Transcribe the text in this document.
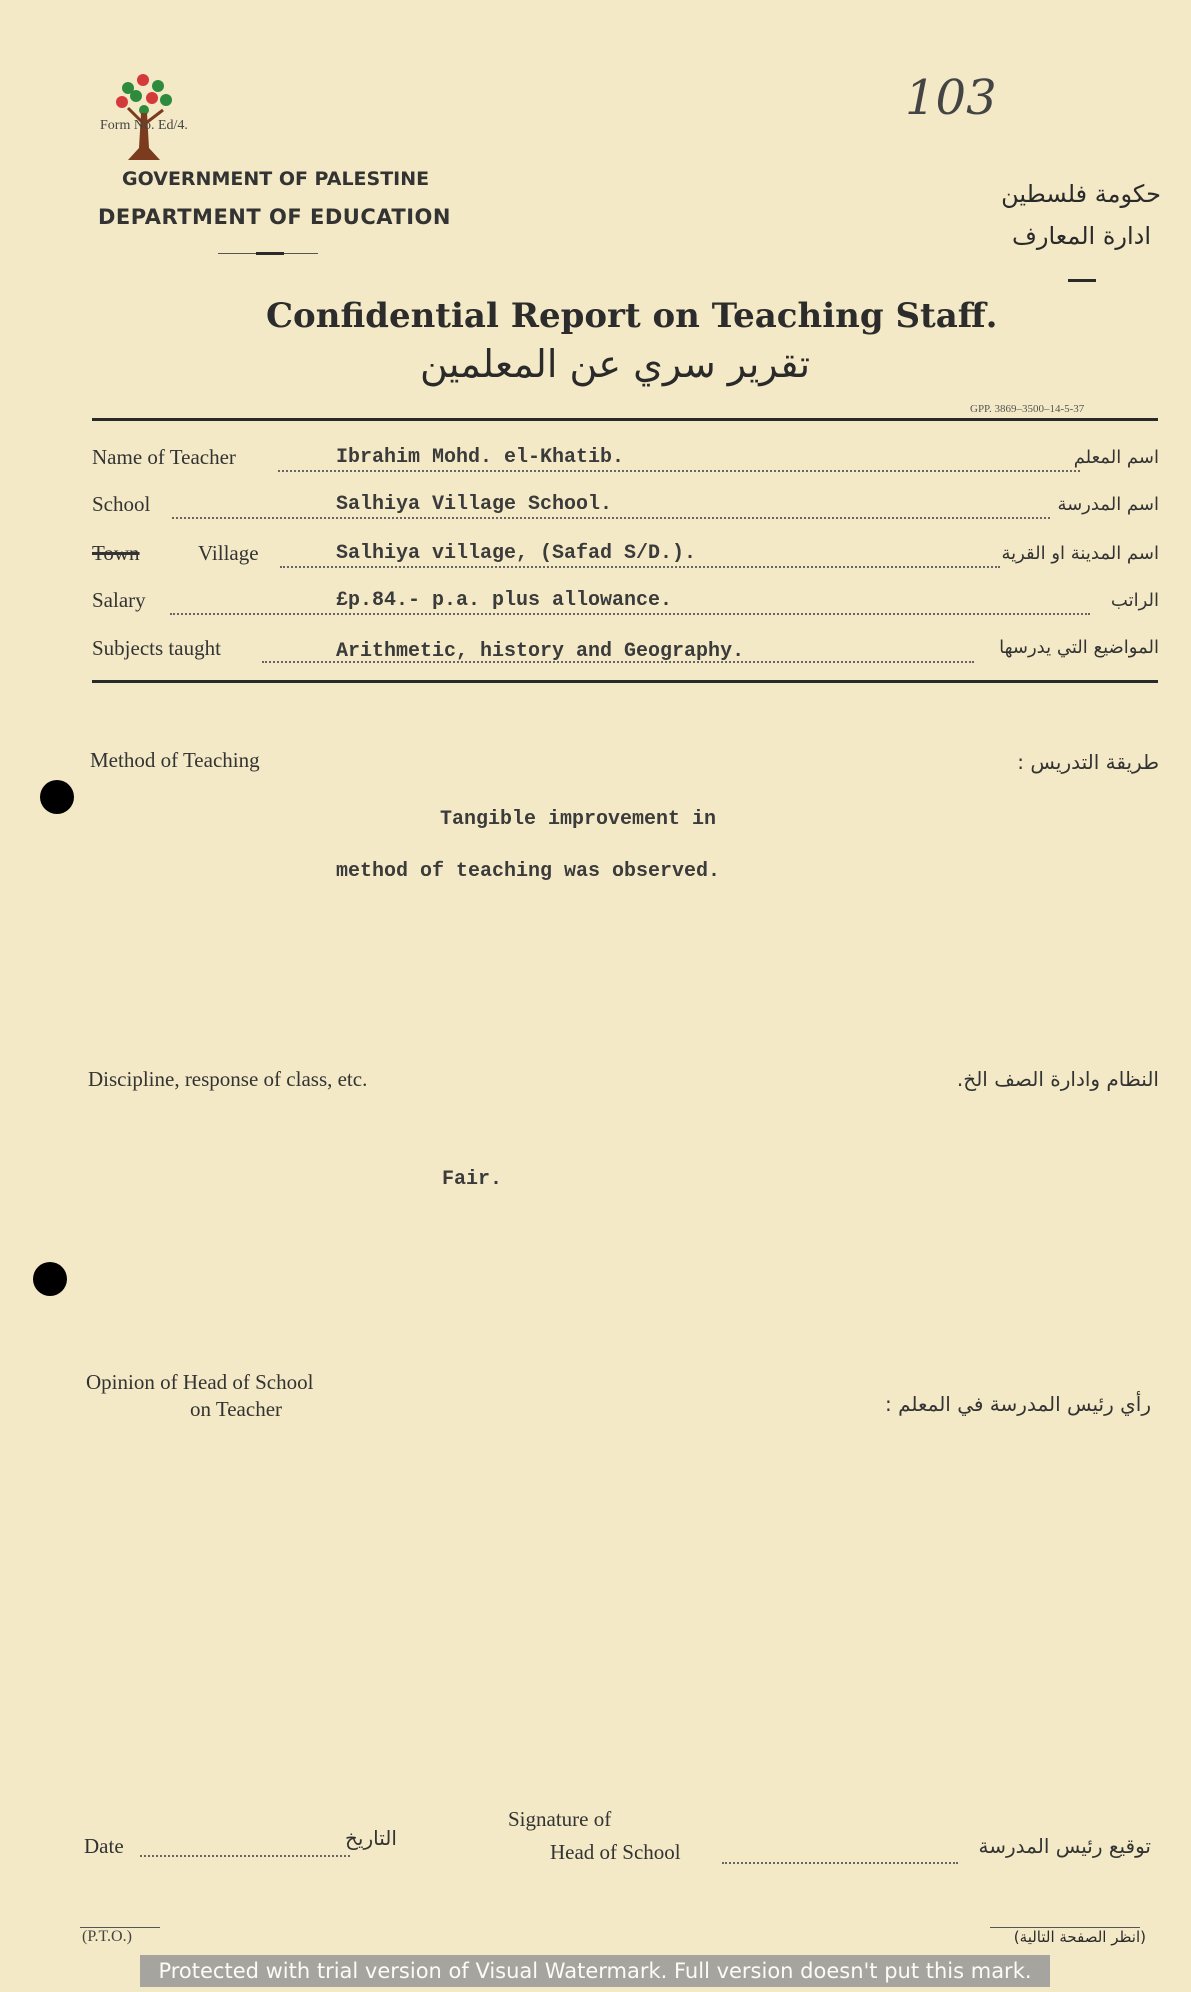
Form No. Ed/4.
GOVERNMENT OF PALESTINE
DEPARTMENT OF EDUCATION
103
حكومة فلسطين
ادارة المعارف
Confidential Report on Teaching Staff.
تقرير سري عن المعلمين
GPP. 3869–3500–14-5-37
Name of Teacher	Ibrahim Mohd. el-Khatib.	اسم المعلم
School	Salhiya Village School.	اسم المدرسة
Town	Village	Salhiya village, (Safad S/D.).	اسم المدينة او القرية
Salary	£p.84.- p.a. plus allowance.	الراتب
Subjects taught	Arithmetic, history and Geography.	المواضيع التي يدرسها
Method of Teaching	طريقة التدريس :
Tangible improvement in
method of teaching was observed.
Discipline, response of class, etc.	النظام وادارة الصف الخ.
Fair.
Opinion of Head of School
on Teacher	رأي رئيس المدرسة في المعلم :
Date	التاريخ
Signature of
Head of School	توقيع رئيس المدرسة
(P.T.O.)	(انظر الصفحة التالية)
Protected with trial version of Visual Watermark. Full version doesn't put this mark.
